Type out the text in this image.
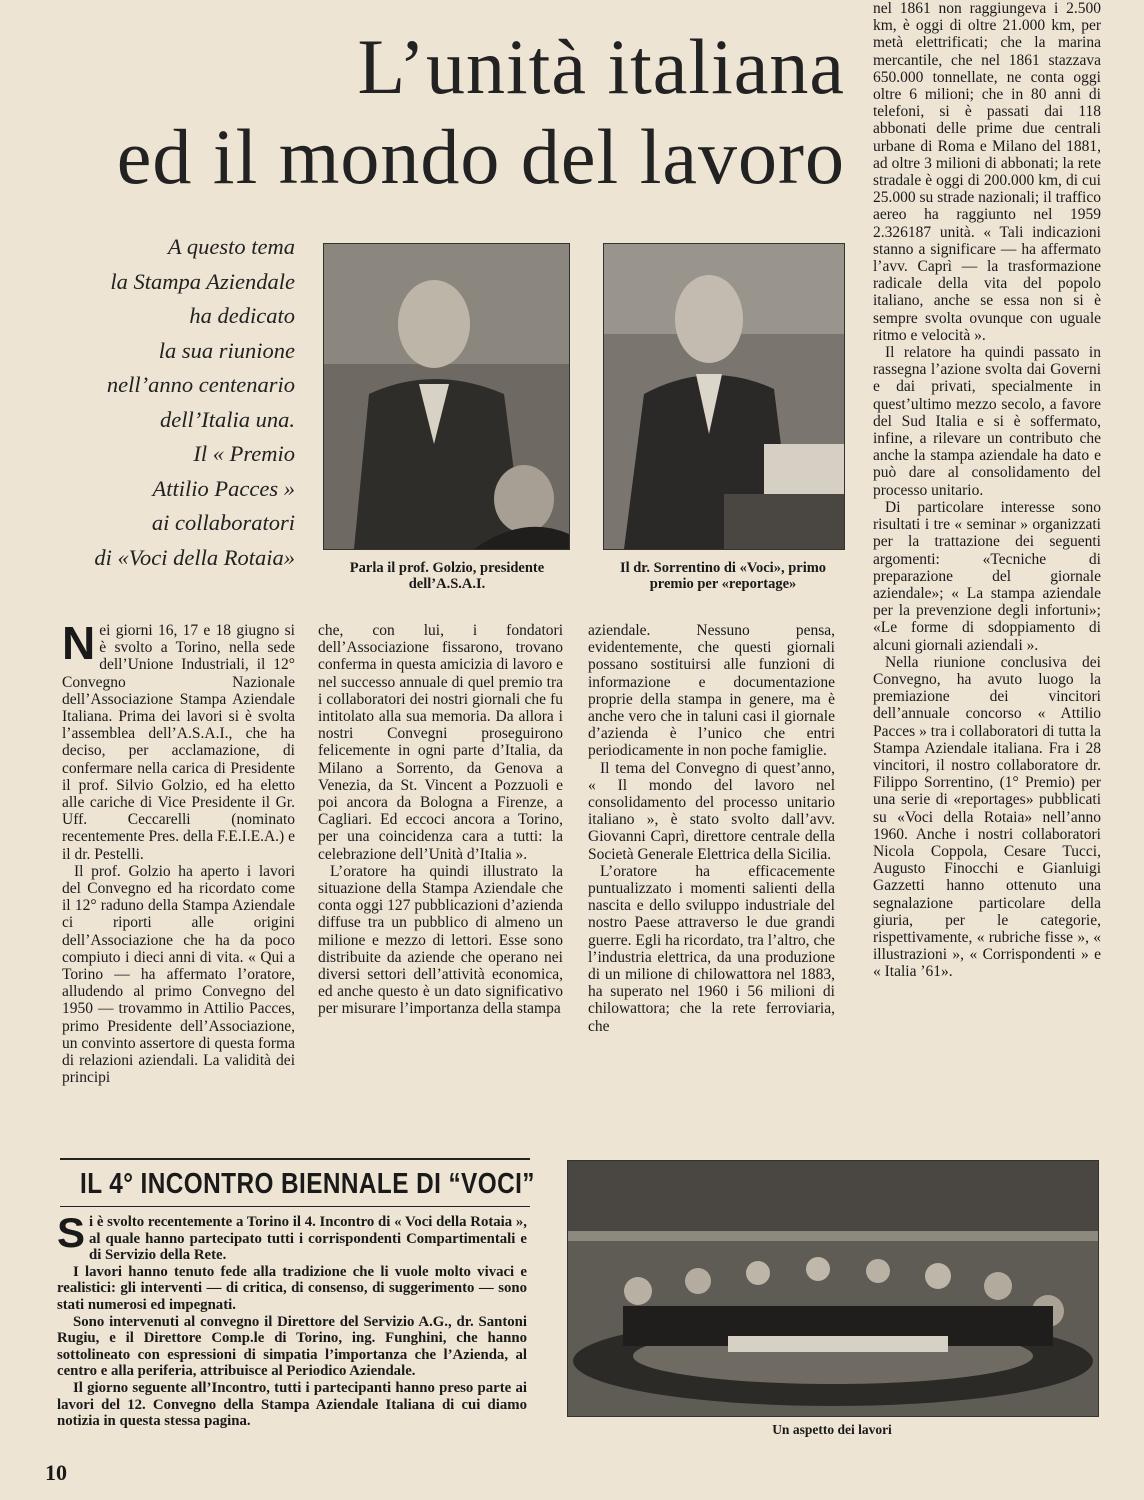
L’unità italiana
ed il mondo del lavoro
A questo tema
la Stampa Aziendale
ha dedicato
la sua riunione
nell’anno centenario
dell’Italia una.
Il « Premio
Attilio Pacces »
ai collaboratori
di «Voci della Rotaia»	Parla il prof. Golzio, presidente dell’A.S.A.I.
Il dr. Sorrentino di «Voci», primo premio per «reportage»

Nei giorni 16, 17 e 18 giugno si è svolto a Torino, nella sede dell’Unione Industriali, il 12° Convegno Nazionale dell’Associazione Stampa Aziendale Italiana. Prima dei lavori si è svolta l’assemblea dell’A.S.A.I., che ha deciso, per acclamazione, di confermare nella carica di Presidente il prof. Silvio Golzio, ed ha eletto alle cariche di Vice Presidente il Gr. Uff. Ceccarelli (nominato recentemente Pres. della F.E.I.E.A.) e il dr. Pestelli.

Il prof. Golzio ha aperto i lavori del Convegno ed ha ricordato come il 12° raduno della Stampa Aziendale ci riporti alle origini dell’Associazione che ha da poco compiuto i dieci anni di vita. « Qui a Torino — ha affermato l’oratore, alludendo al primo Convegno del 1950 — trovammo in Attilio Pacces, primo Presidente dell’Associazione, un convinto assertore di questa forma di relazioni aziendali. La validità dei principi

che, con lui, i fondatori dell’Associazione fissarono, trovano conferma in questa amicizia di lavoro e nel successo annuale di quel premio tra i collaboratori dei nostri giornali che fu intitolato alla sua memoria. Da allora i nostri Convegni proseguirono felicemente in ogni parte d’Italia, da Milano a Sorrento, da Genova a Venezia, da St. Vincent a Pozzuoli e poi ancora da Bologna a Firenze, a Cagliari. Ed eccoci ancora a Torino, per una coincidenza cara a tutti: la celebrazione dell’Unità d’Italia ».

L’oratore ha quindi illustrato la situazione della Stampa Aziendale che conta oggi 127 pubblicazioni d’azienda diffuse tra un pubblico di almeno un milione e mezzo di lettori. Esse sono distribuite da aziende che operano nei diversi settori dell’attività economica, ed anche questo è un dato significativo per misurare l’importanza della stampa

aziendale. Nessuno pensa, evidentemente, che questi giornali possano sostituirsi alle funzioni di informazione e documentazione proprie della stampa in genere, ma è anche vero che in taluni casi il giornale d’azienda è l’unico che entri periodicamente in non poche famiglie.

Il tema del Convegno di quest’anno, « Il mondo del lavoro nel consolidamento del processo unitario italiano », è stato svolto dall’avv. Giovanni Caprì, direttore centrale della Società Generale Elettrica della Sicilia.

L’oratore ha efficacemente puntualizzato i momenti salienti della nascita e dello sviluppo industriale del nostro Paese attraverso le due grandi guerre. Egli ha ricordato, tra l’altro, che l’industria elettrica, da una produzione di un milione di chilowattora nel 1883, ha superato nel 1960 i 56 milioni di chilowattora; che la rete ferroviaria, che

nel 1861 non raggiungeva i 2.500 km, è oggi di oltre 21.000 km, per metà elettrificati; che la marina mercantile, che nel 1861 stazzava 650.000 tonnellate, ne conta oggi oltre 6 milioni; che in 80 anni di telefoni, si è passati dai 118 abbonati delle prime due centrali urbane di Roma e Milano del 1881, ad oltre 3 milioni di abbonati; la rete stradale è oggi di 200.000 km, di cui 25.000 su strade nazionali; il traffico aereo ha raggiunto nel 1959 2.326187 unità. « Tali indicazioni stanno a significare — ha affermato l’avv. Caprì — la trasformazione radicale della vita del popolo italiano, anche se essa non si è sempre svolta ovunque con uguale ritmo e velocità ».

Il relatore ha quindi passato in rassegna l’azione svolta dai Governi e dai privati, specialmente in quest’ultimo mezzo secolo, a favore del Sud Italia e si è soffermato, infine, a rilevare un contributo che anche la stampa aziendale ha dato e può dare al consolidamento del processo unitario.

Di particolare interesse sono risultati i tre « seminar » organizzati per la trattazione dei seguenti argomenti: «Tecniche di preparazione del giornale aziendale»; « La stampa aziendale per la prevenzione degli infortuni»; «Le forme di sdoppiamento di alcuni giornali aziendali ».

Nella riunione conclusiva dei Convegno, ha avuto luogo la premiazione dei vincitori dell’annuale concorso « Attilio Pacces » tra i collaboratori di tutta la Stampa Aziendale italiana. Fra i 28 vincitori, il nostro collaboratore dr. Filippo Sorrentino, (1° Premio) per una serie di «reportages» pubblicati su «Voci della Rotaia» nell’anno 1960. Anche i nostri collaboratori Nicola Coppola, Cesare Tucci, Augusto Finocchi e Gianluigi Gazzetti hanno ottenuto una segnalazione particolare della giuria, per le categorie, rispettivamente, « rubriche fisse », « illustrazioni », « Corrispondenti » e « Italia ’61».

IL 4° INCONTRO BIENNALE DI “VOCI”

Si è svolto recentemente a Torino il 4. Incontro di « Voci della Rotaia », al quale hanno partecipato tutti i corrispondenti Compartimentali e di Servizio della Rete.

I lavori hanno tenuto fede alla tradizione che li vuole molto vivaci e realistici: gli interventi — di critica, di consenso, di suggerimento — sono stati numerosi ed impegnati.

Sono intervenuti al convegno il Direttore del Servizio A.G., dr. Santoni Rugiu, e il Direttore Comp.le di Torino, ing. Funghini, che hanno sottolineato con espressioni di simpatia l’importanza che l’Azienda, al centro e alla periferia, attribuisce al Periodico Aziendale.

Il giorno seguente all’Incontro, tutti i partecipanti hanno preso parte ai lavori del 12. Convegno della Stampa Aziendale Italiana di cui diamo notizia in questa stessa pagina.

Un aspetto dei lavori
10
